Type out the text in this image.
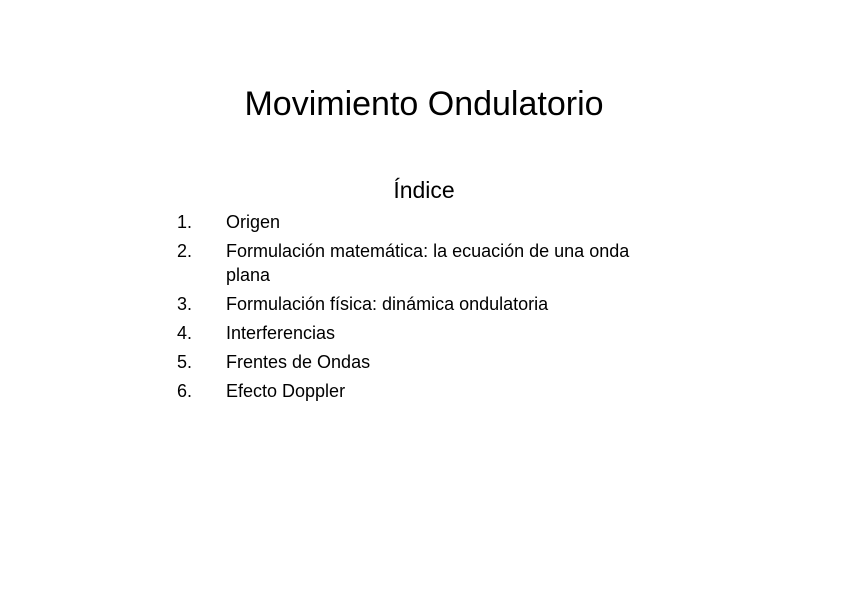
Movimiento Ondulatorio
Índice
1.	Origen
2.	Formulación matemática: la ecuación de una onda plana
3.	Formulación física: dinámica ondulatoria
4.	Interferencias
5.	Frentes de Ondas
6.	Efecto Doppler
